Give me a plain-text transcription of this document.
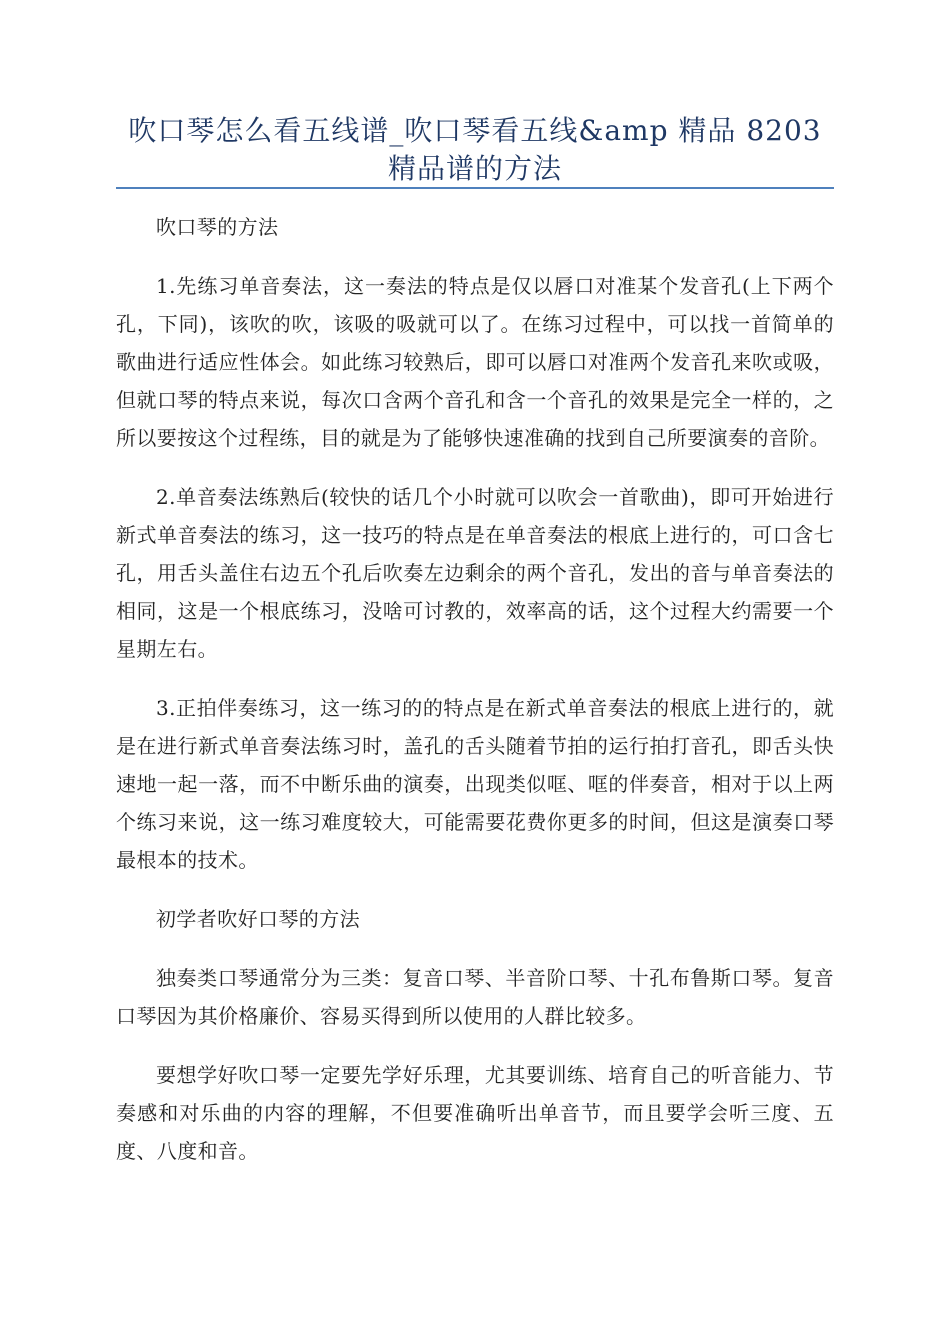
吹口琴怎么看五线谱_吹口琴看五线&amp 精品 8203 精品谱的方法

吹口琴的方法

1.先练习单音奏法，这一奏法的特点是仅以唇口对准某个发音孔(上下两个孔，下同)，该吹的吹，该吸的吸就可以了。在练习过程中，可以找一首简单的歌曲进行适应性体会。如此练习较熟后，即可以唇口对准两个发音孔来吹或吸，但就口琴的特点来说，每次口含两个音孔和含一个音孔的效果是完全一样的，之所以要按这个过程练，目的就是为了能够快速准确的找到自己所要演奏的音阶。

2.单音奏法练熟后(较快的话几个小时就可以吹会一首歌曲)，即可开始进行新式单音奏法的练习，这一技巧的特点是在单音奏法的根底上进行的，可口含七孔，用舌头盖住右边五个孔后吹奏左边剩余的两个音孔，发出的音与单音奏法的相同，这是一个根底练习，没啥可讨教的，效率高的话，这个过程大约需要一个星期左右。

3.正拍伴奏练习，这一练习的的特点是在新式单音奏法的根底上进行的，就是在进行新式单音奏法练习时，盖孔的舌头随着节拍的运行拍打音孔，即舌头快速地一起一落，而不中断乐曲的演奏，出现类似哐、哐的伴奏音，相对于以上两个练习来说，这一练习难度较大，可能需要花费你更多的时间，但这是演奏口琴最根本的技术。

初学者吹好口琴的方法

独奏类口琴通常分为三类：复音口琴、半音阶口琴、十孔布鲁斯口琴。复音口琴因为其价格廉价、容易买得到所以使用的人群比较多。

要想学好吹口琴一定要先学好乐理，尤其要训练、培育自己的听音能力、节奏感和对乐曲的内容的理解，不但要准确听出单音节，而且要学会听三度、五度、八度和音。
